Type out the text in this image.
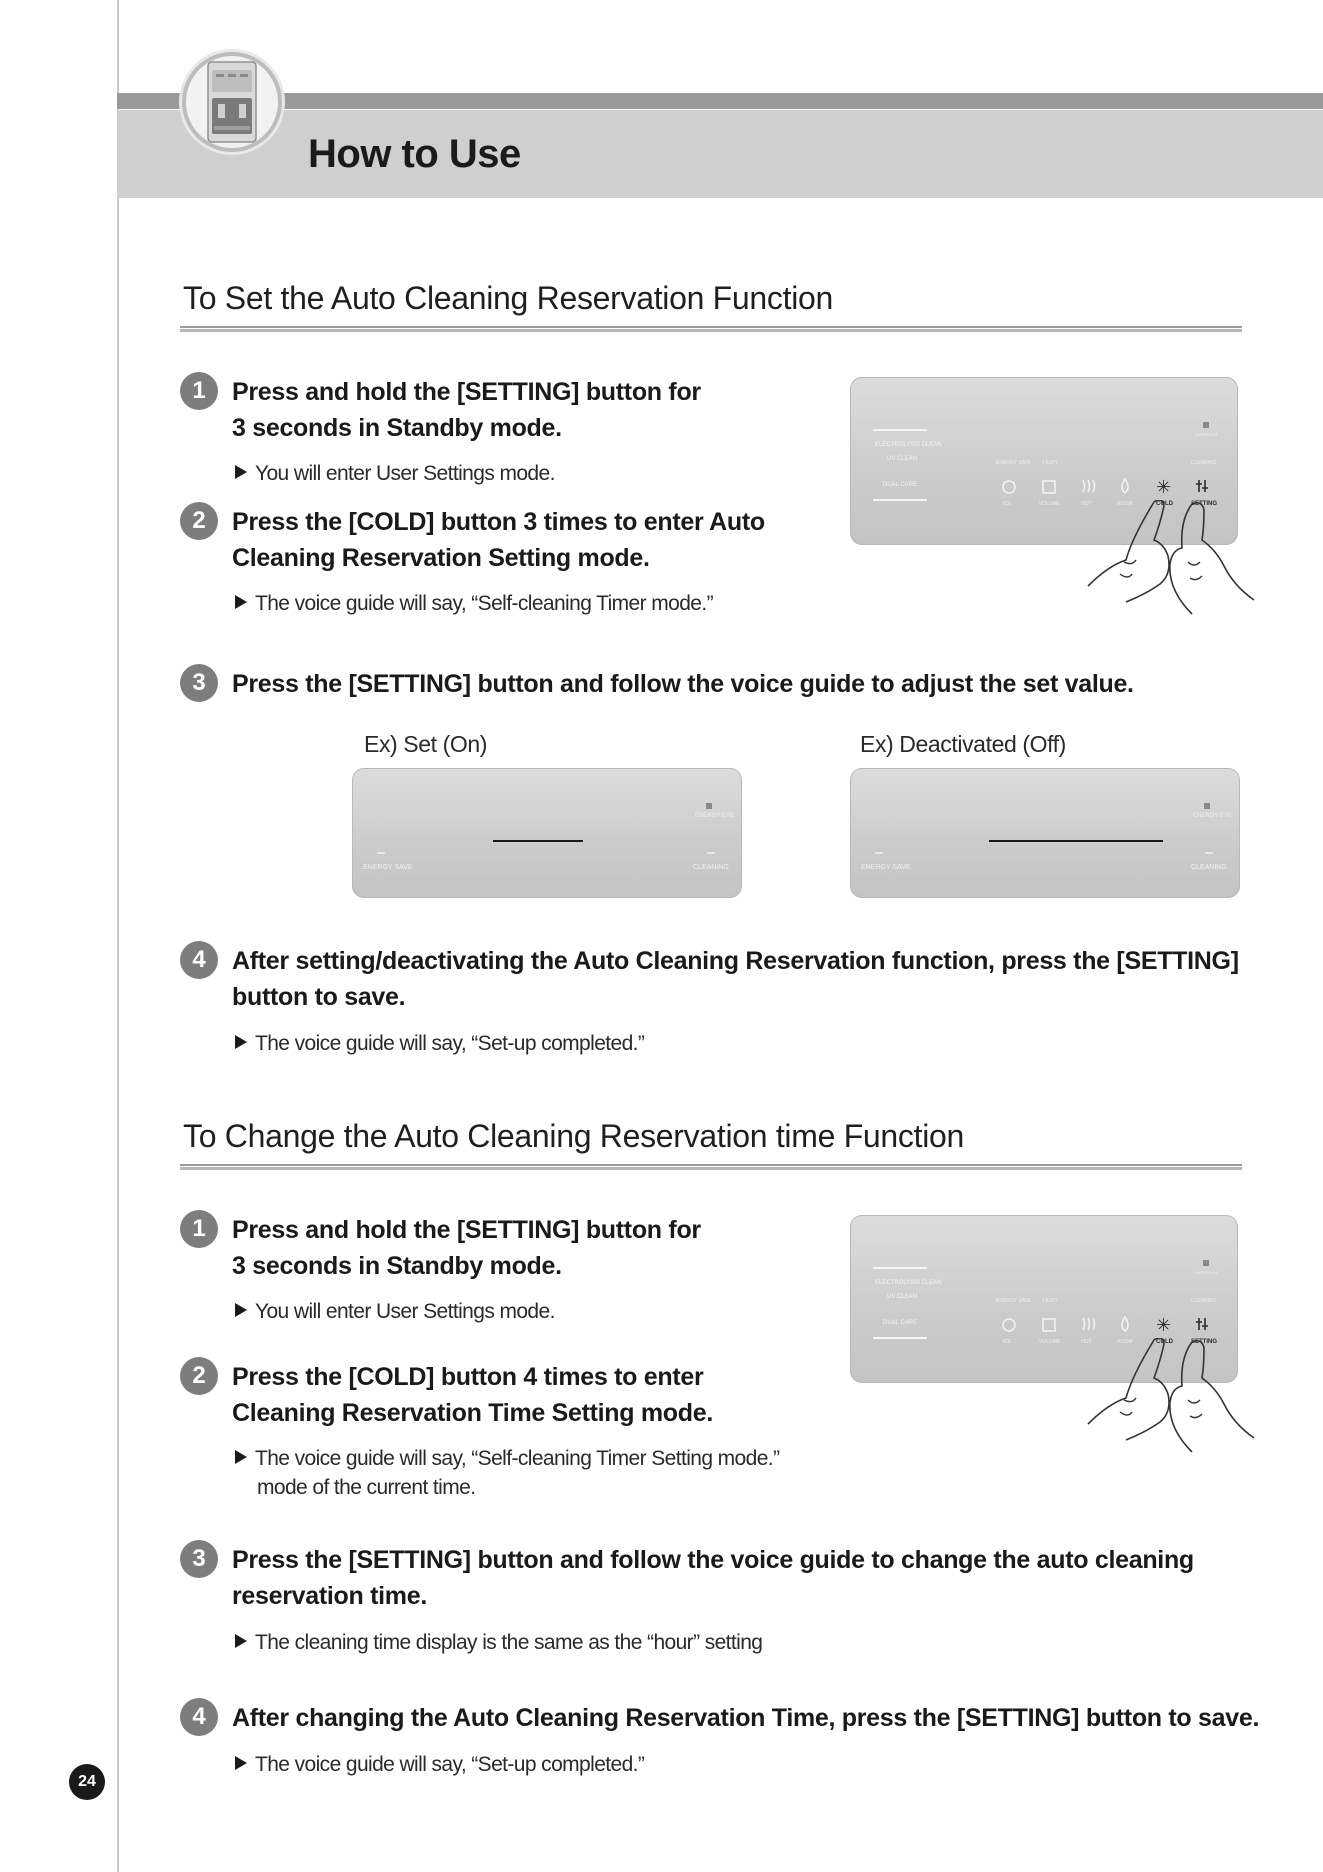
How to Use
To Set the Auto Cleaning Reservation Function
1	Press and hold the [SETTING] button for
3 seconds in Standby mode.
You will enter User Settings mode.
2	Press the [COLD] button 3 times to enter Auto
Cleaning Reservation Setting mode.
The voice guide will say, “Self-cleaning Timer mode.”
ELECTROLYSIS CLEAN
UV CLEAN
DUAL CARE
ENERGY SAVE LIGHT	CLEANING
WATER EYE
✳
ICE	VOLUME	HOT	ROOM	COLD	SETTING
3	Press the [SETTING] button and follow the voice guide to adjust the set value.
Ex) Set (On)	Ex) Deactivated (Off)
ENERGY EYE
ENERGY SAVE	CLEANING
ENERGY EYE
ENERGY SAVE	CLEANING
4	After setting/deactivating the Auto Cleaning Reservation function, press the [SETTING]
button to save.
The voice guide will say, “Set-up completed.”
To Change the Auto Cleaning Reservation time Function
1	Press and hold the [SETTING] button for
3 seconds in Standby mode.
You will enter User Settings mode.
2	Press the [COLD] button 4 times to enter
Cleaning Reservation Time Setting mode.
The voice guide will say, “Self-cleaning Timer Setting mode.”
mode of the current time.
ELECTROLYSIS CLEAN
UV CLEAN
DUAL CARE
ENERGY SAVE LIGHT	CLEANING
WATER EYE
✳
ICE	VOLUME	HOT	ROOM	COLD	SETTING
3	Press the [SETTING] button and follow the voice guide to change the auto cleaning
reservation time.
The cleaning time display is the same as the “hour” setting
4	After changing the Auto Cleaning Reservation Time, press the [SETTING] button to save.
The voice guide will say, “Set-up completed.”
24
